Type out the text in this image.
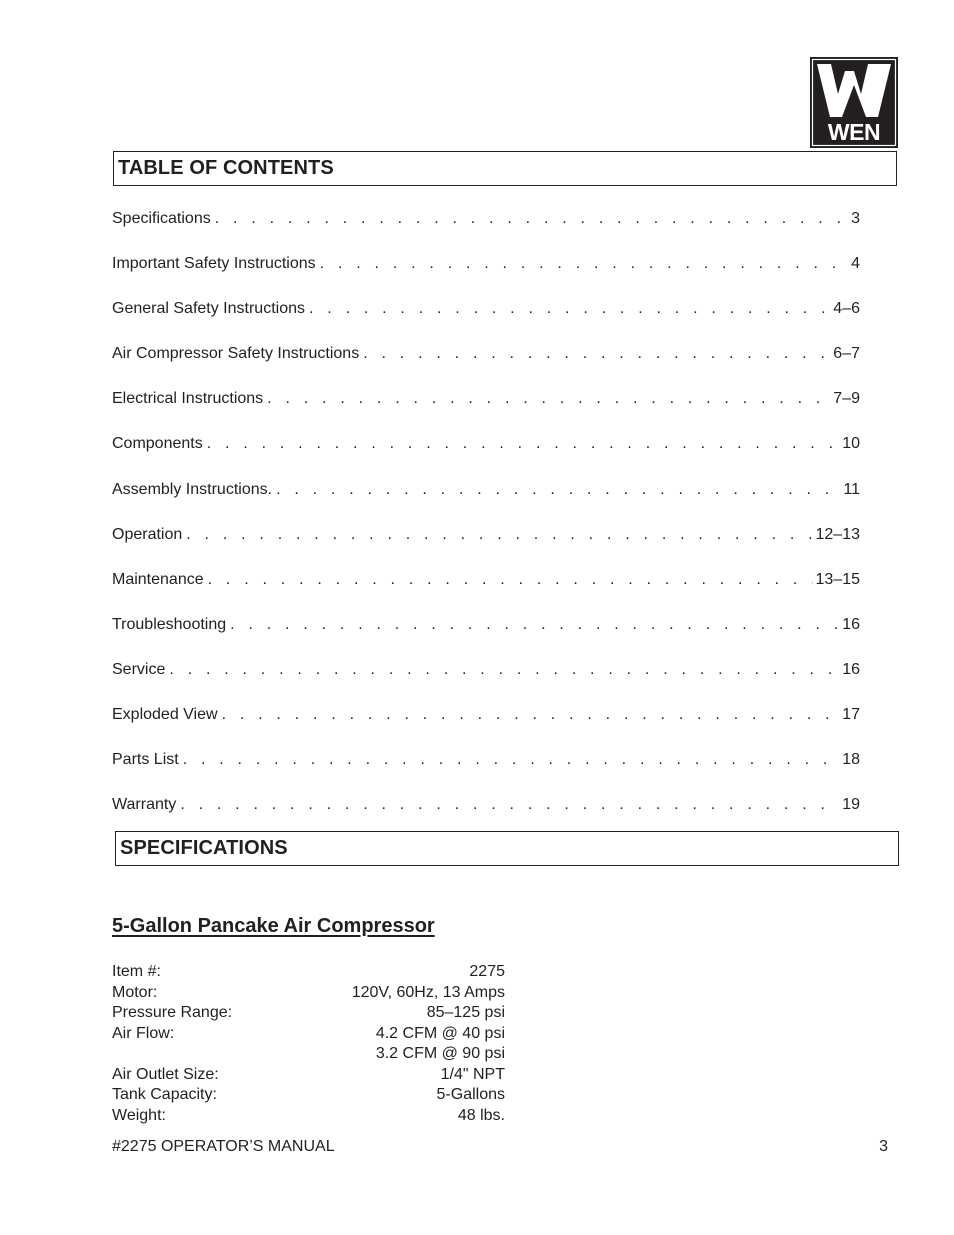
WEN
TABLE OF CONTENTS
Specifications . . .	3
Important Safety Instructions . . .	4
General Safety Instructions . . .	4–6
Air Compressor Safety Instructions . . .	6–7
Electrical Instructions . . .	7–9
Components . . .	10
Assembly Instructions. . . .	11
Operation . . .	12–13
Maintenance . . .	13–15
Troubleshooting . . .	16
Service . . .	16
Exploded View . . .	17
Parts List . . .	18
Warranty . . .	19
SPECIFICATIONS
5-Gallon Pancake Air Compressor
Item #:	2275
Motor:	120V, 60Hz, 13 Amps
Pressure Range:	85–125 psi
Air Flow:	4.2 CFM @ 40 psi
	3.2 CFM @ 90 psi
Air Outlet Size:	1/4" NPT
Tank Capacity:	5-Gallons
Weight:	48 lbs.
#2275 OPERATOR’S MANUAL	3
